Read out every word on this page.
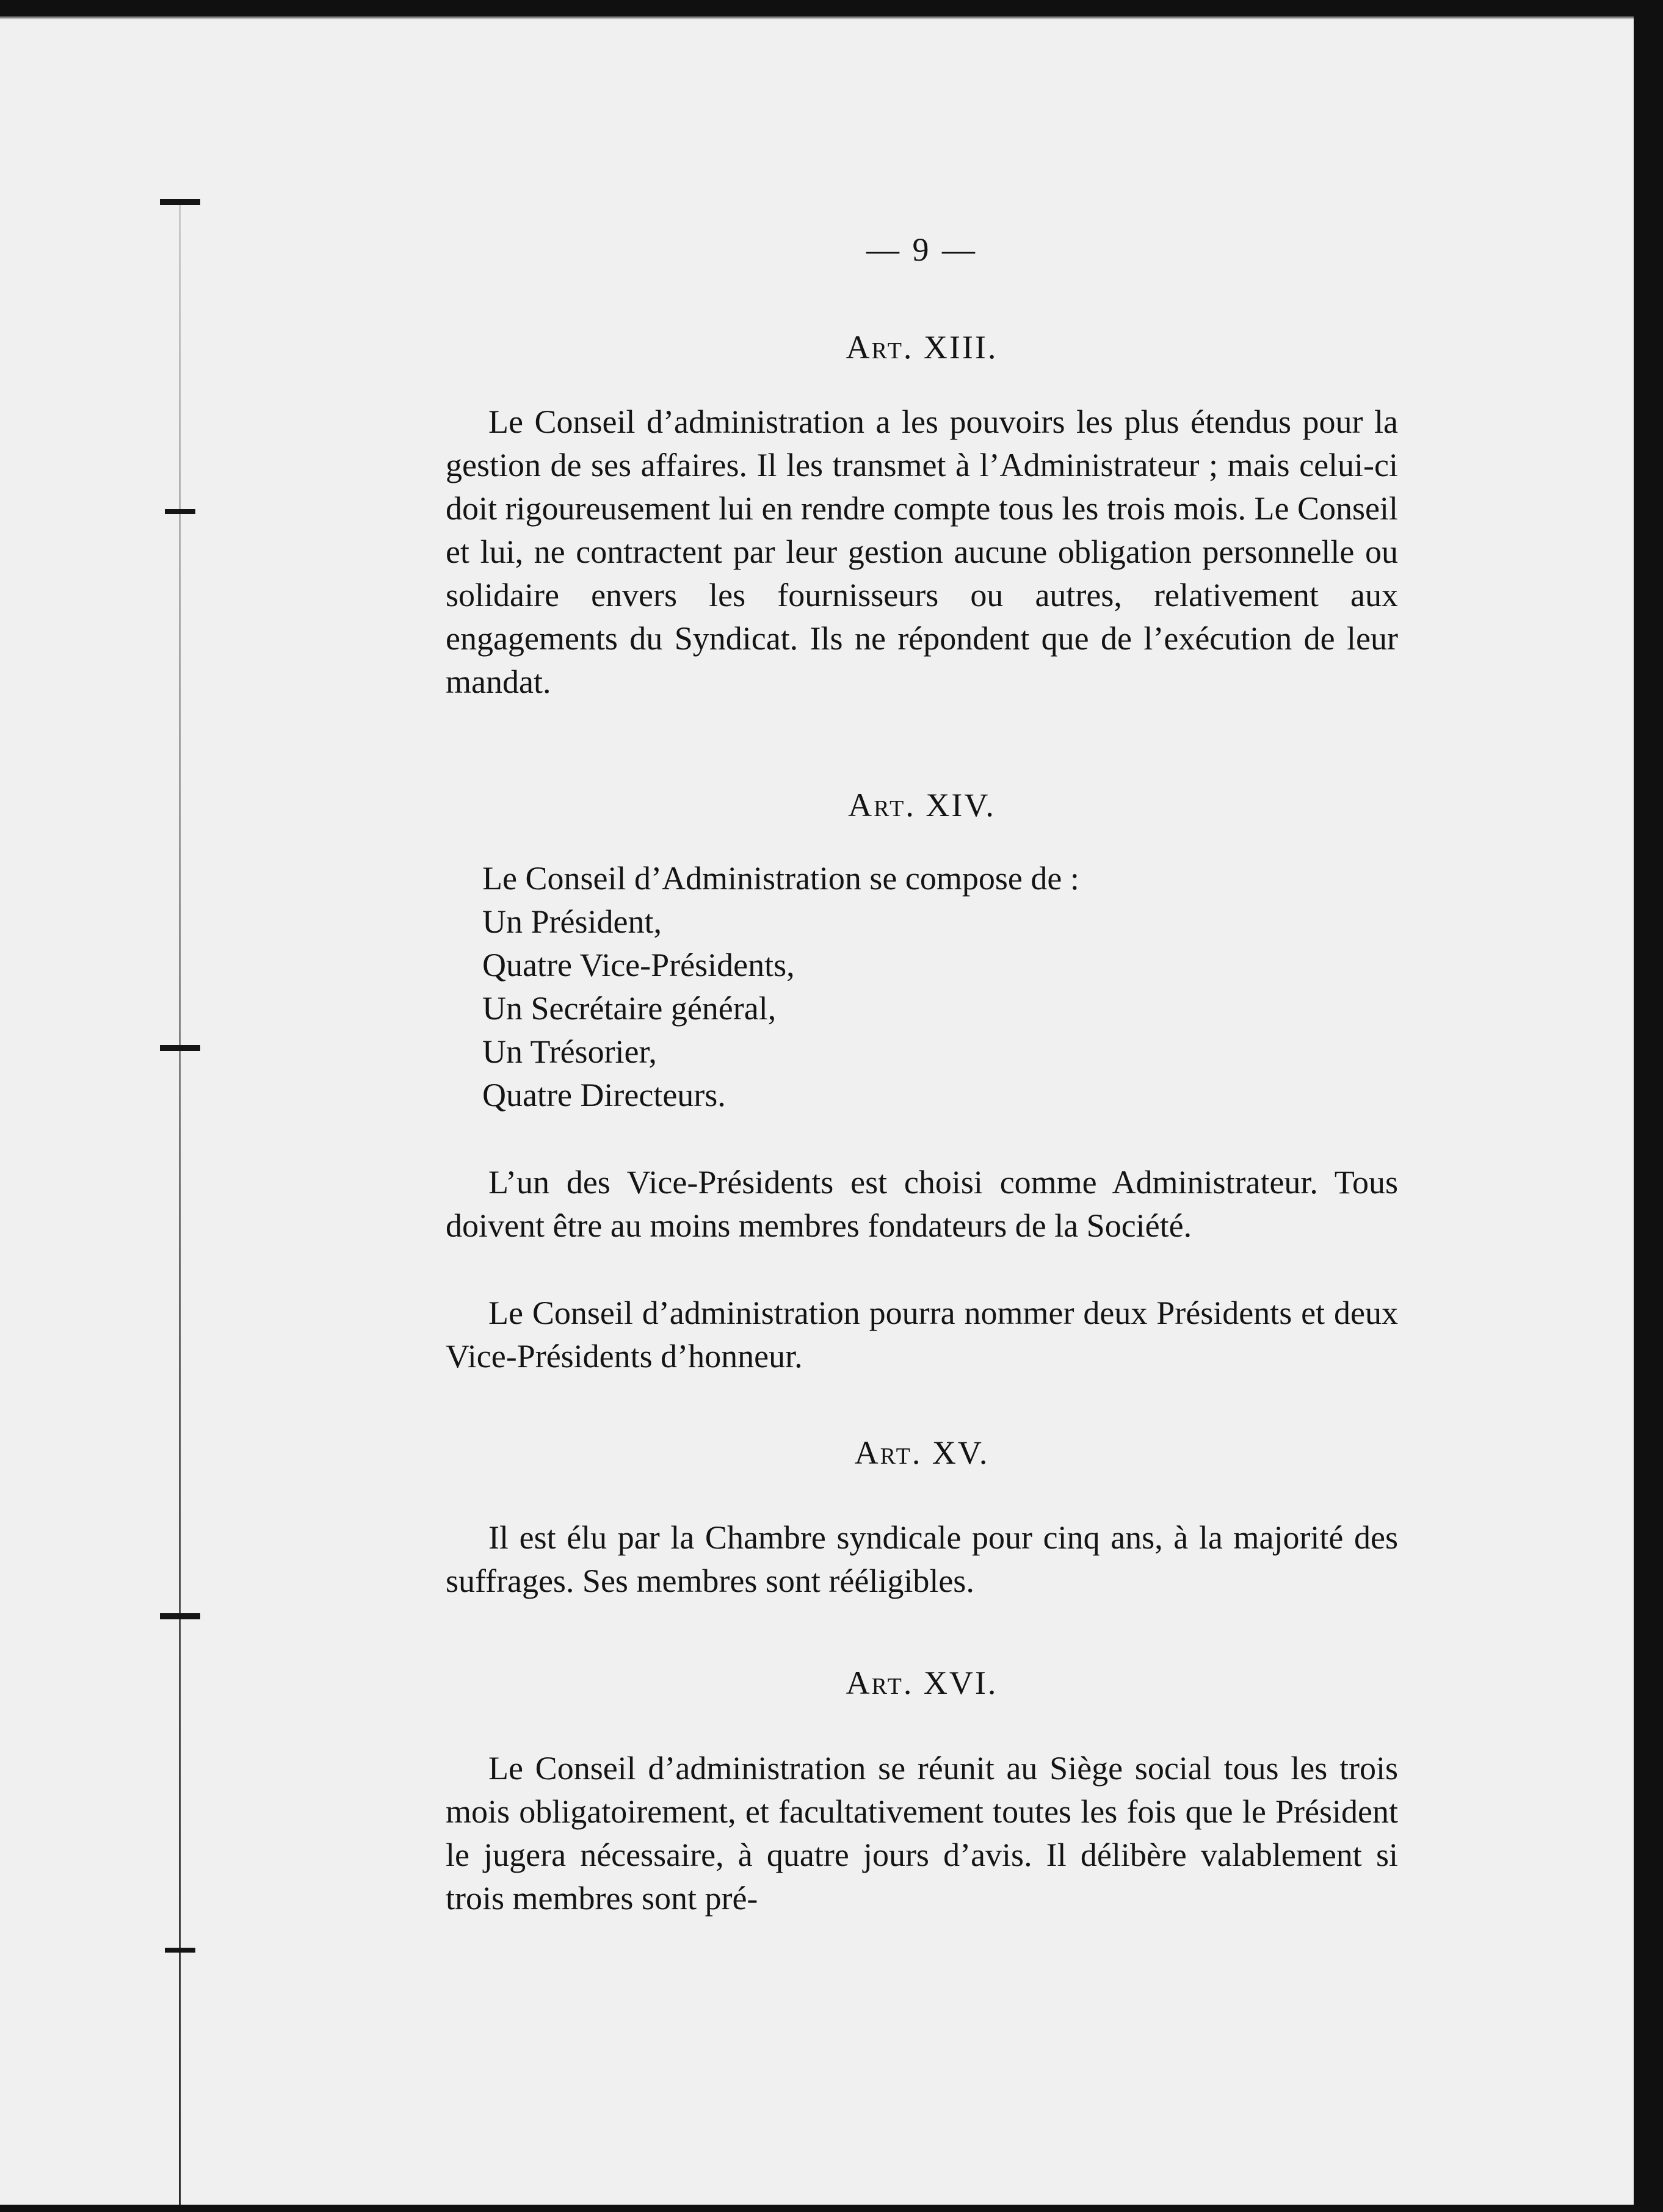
— 9 —
Art. XIII.

Le Conseil d’administration a les pouvoirs les plus étendus pour la gestion de ses affaires. Il les transmet à l’Administrateur ; mais celui-ci doit rigoureusement lui en rendre compte tous les trois mois. Le Conseil et lui, ne contractent par leur gestion aucune obligation personnelle ou solidaire envers les fournisseurs ou autres, relativement aux engagements du Syndicat. Ils ne répondent que de l’exécution de leur mandat.

Art. XIV.
Le Conseil d’Administration se compose de :
Un Président,
Quatre Vice-Présidents,
Un Secrétaire général,
Un Trésorier,
Quatre Directeurs.

L’un des Vice-Présidents est choisi comme Administrateur. Tous doivent être au moins membres fondateurs de la Société.

Le Conseil d’administration pourra nommer deux Présidents et deux Vice-Présidents d’honneur.

Art. XV.

Il est élu par la Chambre syndicale pour cinq ans, à la majorité des suffrages. Ses membres sont rééligibles.

Art. XVI.

Le Conseil d’administration se réunit au Siège social tous les trois mois obligatoirement, et facultativement toutes les fois que le Président le jugera nécessaire, à quatre jours d’avis. Il délibère valablement si trois membres sont pré-
